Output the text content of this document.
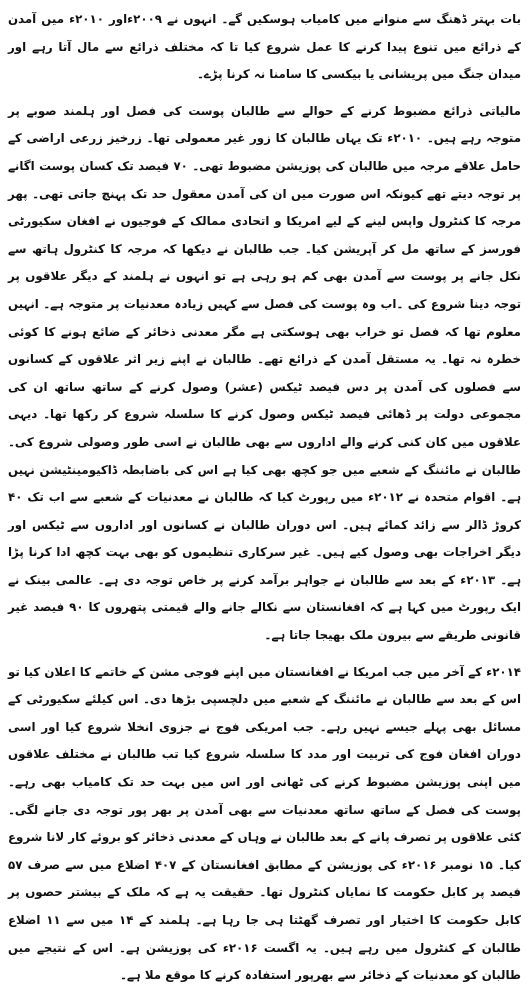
بات بہتر ڈھنگ سے منوانے میں کامیاب ہوسکیں گے۔ انہوں نے ۲۰۰۹ءاور ۲۰۱۰ء میں آمدن کے ذرائع میں تنوع پیدا کرنے کا عمل شروع کیا تا کہ مختلف ذرائع سے مال آتا رہے اور میدان جنگ میں پریشانی یا بیکسی کا سامنا نہ کرنا پڑے۔

مالیاتی ذرائع مضبوط کرنے کے حوالے سے طالبان پوست کی فصل اور ہلمند صوبے پر متوجہ رہے ہیں۔ ۲۰۱۰ء تک یہاں طالبان کا زور غیر معمولی تھا۔ زرخیز زرعی اراضی کے حامل علاقے مرجہ میں طالبان کی پوزیشن مضبوط تھی۔ ۷۰ فیصد تک کسان پوست اگانے پر توجہ دیتے تھے کیونکہ اس صورت میں ان کی آمدن معقول حد تک پہنچ جاتی تھی۔ پھر مرجہ کا کنٹرول واپس لینے کے لیے امریکا و اتحادی ممالک کے فوجیوں نے افغان سکیورٹی فورسز کے ساتھ مل کر آپریشن کیا۔ جب طالبان نے دیکھا کہ مرجہ کا کنٹرول ہاتھ سے نکل جانے پر پوست سے آمدن بھی کم ہو رہی ہے تو انہوں نے ہلمند کے دیگر علاقوں پر توجہ دینا شروع کی ۔اب وہ پوست کی فصل سے کہیں زیادہ معدنیات پر متوجہ ہے۔ انہیں معلوم تھا کہ فصل تو خراب بھی ہوسکتی ہے مگر معدنی ذخائر کے ضائع ہونے کا کوئی خطرہ نہ تھا۔ یہ مستقل آمدن کے ذرائع تھے۔ طالبان نے اپنے زیر اثر علاقوں کے کسانوں سے فصلوں کی آمدن پر دس فیصد ٹیکس (عشر) وصول کرنے کے ساتھ ساتھ ان کی مجموعی دولت پر ڈھائی فیصد ٹیکس وصول کرنے کا سلسلہ شروع کر رکھا تھا۔ دیہی علاقوں میں کان کنی کرنے والے اداروں سے بھی طالبان نے اسی طور وصولی شروع کی۔ طالبان نے مائننگ کے شعبے میں جو کچھ بھی کیا ہے اس کی باضابطہ ڈاکیومینٹیشن نہیں ہے۔ اقوام متحدہ نے ۲۰۱۲ء میں رپورٹ کیا کہ طالبان نے معدنیات کے شعبے سے اب تک ۴۰ کروڑ ڈالر سے زائد کمائے ہیں۔ اس دوران طالبان نے کسانوں اور اداروں سے ٹیکس اور دیگر اخراجات بھی وصول کیے ہیں۔ غیر سرکاری تنظیموں کو بھی بہت کچھ ادا کرنا پڑا ہے۔ ۲۰۱۳ء کے بعد سے طالبان نے جواہر برآمد کرنے پر خاص توجہ دی ہے۔ عالمی بینک نے ایک رپورٹ میں کہا ہے کہ افغانستان سے نکالے جانے والے قیمتی پتھروں کا ۹۰ فیصد غیر قانونی طریقے سے بیرون ملک بھیجا جاتا ہے۔

۲۰۱۴ء کے آخر میں جب امریکا نے افغانستان میں اپنے فوجی مشن کے خاتمے کا اعلان کیا تو اس کے بعد سے طالبان نے مائننگ کے شعبے میں دلچسپی بڑھا دی۔ اس کیلئے سکیورٹی کے مسائل بھی پہلے جیسے نہیں رہے۔ جب امریکی فوج نے جزوی انخلا شروع کیا اور اسی دوران افغان فوج کی تربیت اور مدد کا سلسلہ شروع کیا تب طالبان نے مختلف علاقوں میں اپنی پوزیشن مضبوط کرنے کی ٹھانی اور اس میں بہت حد تک کامیاب بھی رہے۔ پوست کی فصل کے ساتھ ساتھ معدنیات سے بھی آمدن پر بھر پور توجہ دی جانے لگی۔ کئی علاقوں پر تصرف پانے کے بعد طالبان نے وہاں کے معدنی ذخائر کو بروئے کار لانا شروع کیا۔ ۱۵ نومبر ۲۰۱۶ء کی پوزیشن کے مطابق افغانستان کے ۴۰۷ اضلاع میں سے صرف ۵۷ فیصد پر کابل حکومت کا نمایاں کنٹرول تھا۔ حقیقت یہ ہے کہ ملک کے بیشتر حصوں پر کابل حکومت کا اختیار اور تصرف گھٹتا ہی جا رہا ہے۔ ہلمند کے ۱۴ میں سے ۱۱ اضلاع طالبان کے کنٹرول میں رہے ہیں۔ یہ اگست ۲۰۱۶ء کی پوزیشن ہے۔ اس کے نتیجے میں طالبان کو معدنیات کے ذخائر سے بھرپور استفادہ کرنے کا موقع ملا ہے۔
